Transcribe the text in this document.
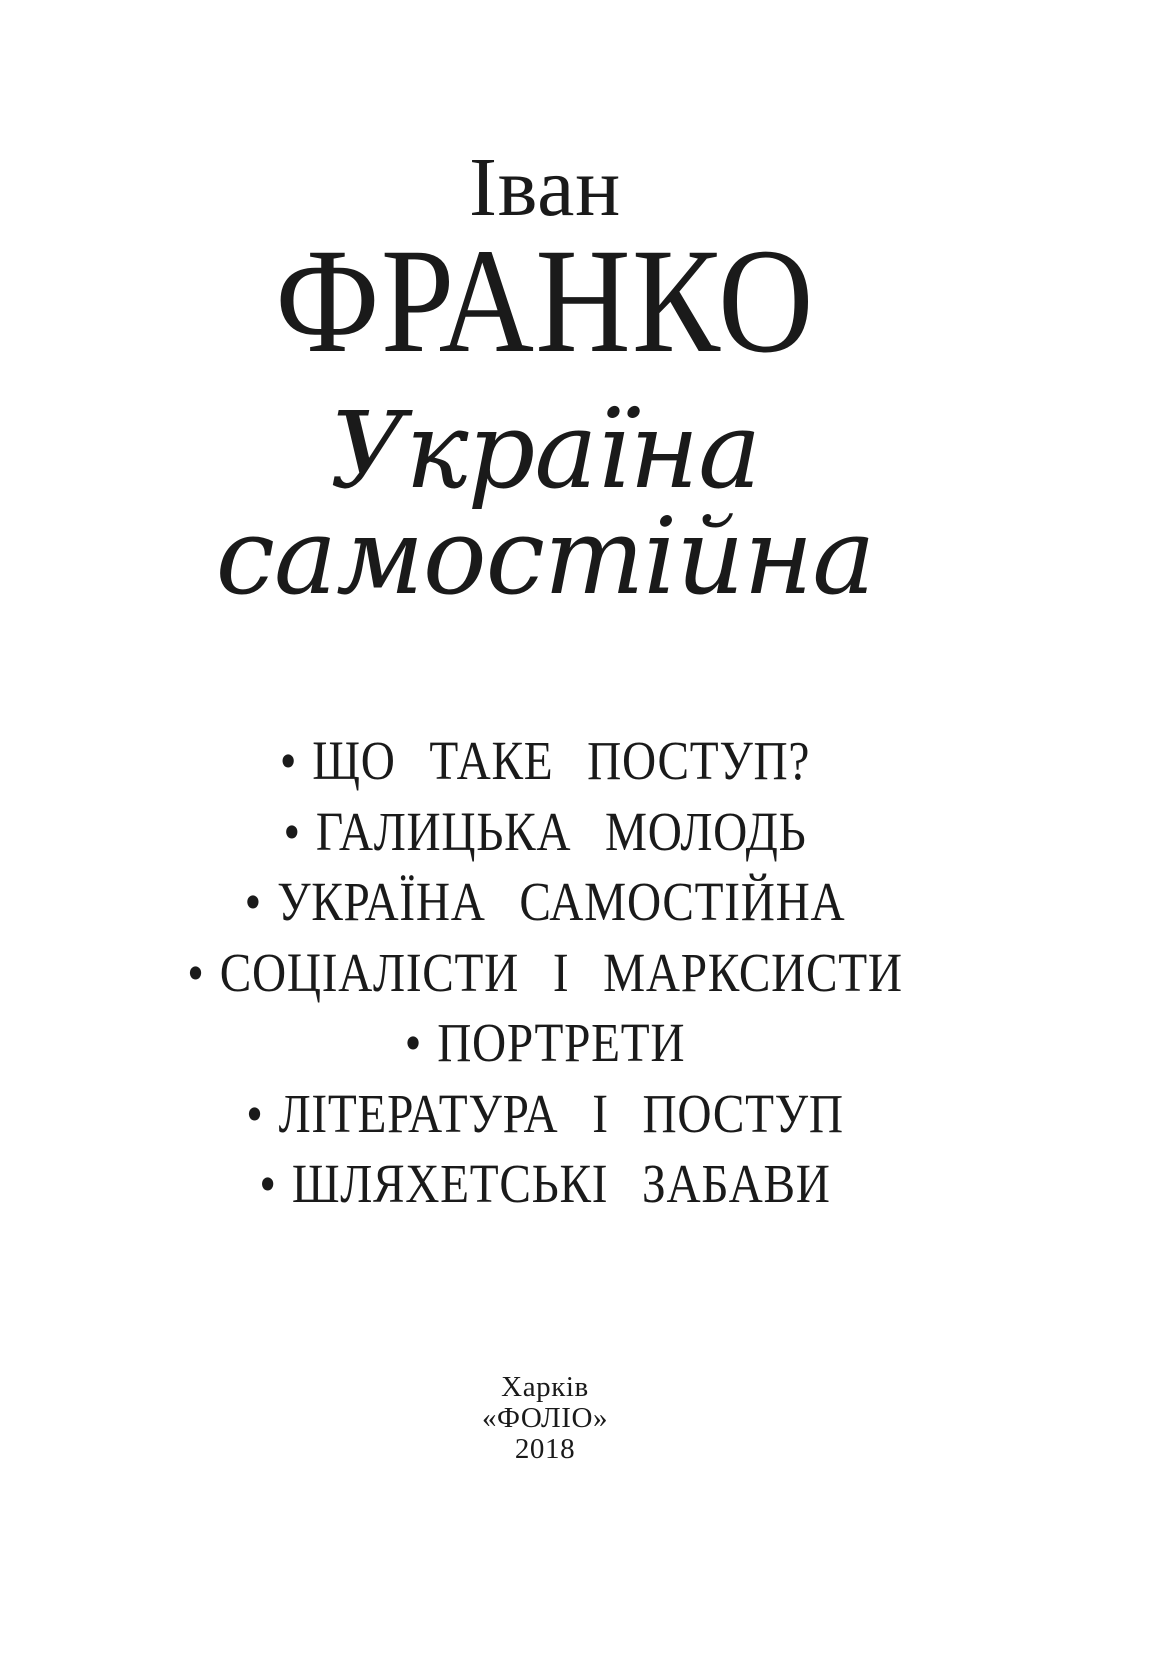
Іван
ФРАНКО
Україна
самостійна
• ЩО ТАКЕ ПОСТУП?
• ГАЛИЦЬКА МОЛОДЬ
• УКРАЇНА САМОСТІЙНА
• СОЦІАЛІСТИ І МАРКСИСТИ
• ПОРТРЕТИ
• ЛІТЕРАТУРА І ПОСТУП
• ШЛЯХЕТСЬКІ ЗАБАВИ
Харків
«ФОЛІО»
2018
